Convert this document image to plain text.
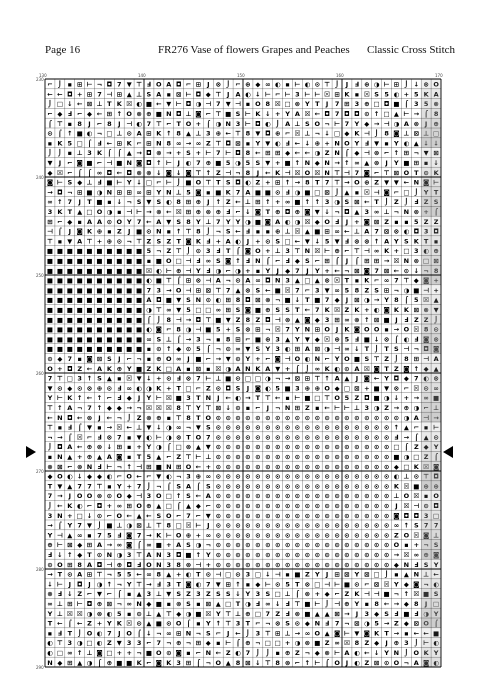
Page 16	FR276 Vase of flowers Grapes and Peaches Classic Cross Stitch
⌐ ⌡ ▪ ⊞ ⊢ ¬ ◘ 7 ▼ ⊤ Ⅎ O A ◘ ⌐ ⊞ J ⊗ ⌡ ⌐ ⊕ ◆ ∞ ◐ ▪ ⊢ ◐ ⊙ ⊤ ⌡ J Ⅎ ⊕ ◑ ⊢ ⊞ ⌡ ↓ ⊗ O
← ← ◘ + ⊞ 7 ⊣ ⊞ ▲ ⊥ S A ▪ ⊠ ⊢ ◘ ◆ ⊤ J A ◐ ↓ ⊢ ⌐ ⊢ 3 ⊢ ⊢ ☒ ⊞ K ▪ ☒ S 5 ◐ + 5 K A
⌡ □ ↓ ← ⊠ ⊥ T K ☒ ◐ ■ ← ▼ ⊢ ◘ ◑ ⊣ 7 ▼ ⊣ ▪ O 8 ☒ □ ⊗ Y T J 7 ⊞ 3 ⊕ □ ◘ ■ ⌠ 3 5 ⊗
⌐ ◆ Ⅎ ⌐ ◆ ← ⊞ ↑ O ⊗ ⊕ ■ N ◘ ⊥ ◙ ⌐ ⊤ ■ S ⊢ K ↓ + Y A ☒ ← ◘ 7 ◘ ◘ ⊙ ↑ □ ▲ ⊢ → ⌠ 8
⌠ ⊤ ▪ 8 J ⌐ 8 J ⊣ ◐ 7 ⊤ ⌐ T O + ⌠ ◑ N 3 ⊢ ◘ ◐ ⌡ A ⊥ S O ¬ ⊢ 7 Y ◆ → ⊣ ◑ A ⊗ J ⊕
⊙ ⌠ ↑ ■ ◐ ¬ □ ⊥ ⊙ A ⊞ K ↑ 8 ▲ ⊥ 3 ⊕ ← ⊤ 8 ▼ ◘ ⊕ ⌐ ☒ ⊥ ¬ ↓ □ ◆ K ⊣ ⌡ 8 ◙ ⊥ ⊠ ⊥ □
▪ K 5 □ ⌠ Ⅎ ← ⊞ K ⌐ ⊞ N 8 ∞ → ∞ Z ⊤ ◘ ⊠ ▪ Y ▼ ◐ Ⅎ ← ↓ ⊕ + N O Y Ⅎ ▼ ▪ Y ◐ ▲ ↓ ↓
⌡ ⌡ ▪ ⊥ 3 K ⌠ ⌠ ▲ → ◘ ⊗ → + S + ⊢ 7 ⊢ ◘ 8 ← ⊞ ⊞ ◆ ← ← ◑ Z N ⌠ ◆ ⊣ ⊗ ⌐ ↑ ⊞ ¬ ▼ ⊠
▼ J ⌐ ◙ ■ ⌐ ⊣ ■ N ◙ ◘ ↑ ⊢ J ◐ 7 ⊕ ■ 5 ◑ 5 S ▼ + ■ ↑ N ◆ N → ↑ ∞ ▲ ⊗ J Y ■ ⊞ ▪ ↓
◆ ☒ ⌐ ⌠ ⌠ ∞ ◘ ← ◘ ⊗ ⊗ ↓ ◙ ↓ ◙ ⊤ ↑ Z ⊣ ¬ 8 J ← K ⊣ ☒ O ☒ N ⊤ ⊣ 7 ◙ ⌐ ⊤ ⊠ O T ⊙ K
◙ ⊢ S ◆ ⊥ Ⅎ ■ ⊢ Y ↓ □ ⌐ ⊢ ⌡ ■ O ⊤ T S ◘ ◐ Z + ⊞ ↑ → 8 T 7 ⊤ → O ⊕ Z ▼ ▼ ← N ◙ ⊢
→ ◘ ¬ ⊞ ■ ◑ N ⊞ ⊞ ∞ ⊞ Y N ⊥ 5 ◙ ▪ ■ K 7 A ■ ■ ⊙ Ⅎ ◑ ■ □ ⊠ ⌡ ▲ ▪ ☒ ⊣ ◙ ⌐ □ ⌡ Y T
∞ ↑ 7 J T ■ ▪ ↓ ¬ S ▼ S ◐ 8 ⊞ ⊕ J ↑ Z ← ⊥ ⊞ ↑ + ∞ ■ ↑ ↑ 3 ◑ S ⊠ ← T ⌡ Z ⌡ Ⅎ Z S
3 K T ▲ □ O ◑ ▪ ⊣ ⊢ → ⊗ ← ☒ ⊞ ⊕ ⊗ ⊕ Ⅎ ⌐ ↓ ◙ T ⊕ ◘ ⊕ ◙ ▼ ↓ ¬ ◘ ▲ 3 ∞ ⊥ ¬ N ⊗ + ⌠
⊞ ⌐ ◆ ▪ A A ⊙ O Y 7 ← A ▼ S 8 Y ⊥ 7 Y Y ◑ ■ ◙ A ◐ ◑ ☒ ◆ O Ⅎ J + ◙ ⊠ Z ▪ ▪ 5 Z Z
⊣ ⌠ J ◙ K ⊕ ▪ Z J ■ ⊙ N ▪ ↑ ⊤ 8 ⌡ ¬ S ← Ⅎ ▪ ▪ ⊕ ⊥ ☒ ▲ ■ ⊞ ∞ ← ⊥ A 7 ⊠ ⊗ ◐ ◘ 3 ◘
⊤ ▪ ▼ A ⊤ + ⊕ ⊙ ¬ ⊤ Z S Z T ◙ K Ⅎ + A ◐ J + ⊙ S □ ← ▼ ↓ 5 ▼ Ⅎ ⊗ ⊗ ↑ A Y S K T ▪
■ ■ ■ ■ ■ ■ ■ ■ ■ ■ 5 ¬ Z ⊤ ⌡ ⊙ 3 Ⅎ T ⌠ ◙ O + ⊥ 3 ⊤ N ☒ ⊢ ⊕ ⌐ ⊤ ⊣ ∞ K + □ 3 ◐ ⊕
■ ■ ■ ■ ■ ■ ■ ■ ■ ■ ▪ ■ O □ ⊣ Ⅎ ∞ S ◙ ↑ Ⅎ N ⌠ ⌐ Ⅎ ◆ S ⌐ ⊞ ⌠ J ⌠ ⊞ ⊞ → ☒ N ⊗ □ ⊠
■ ■ ■ ■ ■ ■ ■ ■ ■ ■ ☒ ◐ ⊢ ⊕ ⊣ Y Ⅎ ◑ ⌐ ◑ + ▪ Y J ◆ 7 J Y + ← ¬ ⊠ ◙ 7 ⊠ ← ⊙ ↓ ¬ 8
■ ■ ■ ■ ■ ■ ■ ■ ■ ■ ◐ ■ ⊤ ⌠ ⊞ ⊗ ⊣ A ¬ ⊙ A ∞ ◘ N 3 ▲ □ ▲ ⊗ ☒ T ▪ K ⌐ ∞ 7 ⊤ ◆ ◙ +
■ ■ ■ ■ ■ ■ ■ ■ ■ ■ 7 3 → O ⊣ ⊞ ⊠ ⊤ 7 ▲ ⊗ S ← ■ ☒ 7 ⌐ 3 ▼ ∞ 5 8 Z S ⊞ ¬ ◑ ■ ⊣ +
■ ■ ■ ■ ■ ■ ■ ■ ■ ■ A ◘ ■ ▼ S N ⊙ ◐ ⊞ 8 ◘ ⊠ ⊗ ¬ ■ ↓ T ■ 7 ◆ J ⊠ ◑ → Y 8 ⌠ 5 ☒ ▲
■ ■ ■ ■ ■ ■ ■ ■ ■ ■ ◑ ⊤ ∞ ▼ 5 □ □ ∞ ⊞ S ◙ ■ ⊕ S S T ← 7 K ☒ Z K + ◐ ◙ K K ⊠ ⊗ ▼
■ ■ ■ ■ ■ ■ ■ ■ ■ ■ ⌠ ⌡ 8 ⊣ → ◘ ⊤ ■ ▼ Z 8 Z ◘ ⊣ ⊗ ▲ ◙ ◆ 3 ⊞ ∞ ⊗ ↑ ⊠ ■ J Ⅎ Z Z ⌡
■ ■ ■ ■ ■ ■ ■ ■ ■ ■ ◐ ◙ ⌐ 8 ◑ ⊣ ■ 5 + S ⊗ ⊞ ¬ ☒ 7 Y N ⊞ O J K ◙ O O ▪ → O ☒ 8 ⊙
■ ■ ■ ■ ■ ■ ■ ■ ■ ■ ∞ S ⊥ ⌠ → 3 ¬ ▪ 8 ⊞ ⌐ ■ ⊕ 3 ▲ Y ▼ ◆ ☒ ⊕ 5 Ⅎ ■ ↓ ⊗ ⌠ ◐ Ⅎ ◙ ⊗
■ ■ ■ ■ ■ ■ ■ ■ ■ ■ ▪ ⊙ ↑ ◆ ⊙ 5 ⌠ ¬ ⊙ ∞ ▼ S Y 3 ◐ ⊞ A ⊠ ◑ ⊣ ∞ ↓ T ⌡ T S ⊣ ¬ ◘ ◙
⊙ ◆ 7 ▪ ◙ ⊠ S J ⌐ ¬ ▪ ⊕ O ∞ J ■ ⌐ → ▼ ⊙ Y + ⌐ ◙ ⊣ O ◐ N ⌐ Y O ■ S ⊤ Z ⌡ 8 ⊞ ⊣ A
O + ◘ Z ← A K ⊕ Y ■ Z K □ A ▪ ⊠ ▪ ☒ ◑ A N K A ▼ + ⌠ ⌡ ∞ K ◐ ⊙ A ☒ ◙ T Z ◙ ↑ ◆ ▲
7 ⊤ □ 3 ↑ S ▲ ▪ ☒ ▼ ↓ + ⊙ Ⅎ ⊗ 7 ⊢ ⊥ ■ ⊙ □ □ ◑ ¬ → ⊠ ⊞ ⊤ ↑ A ▲ J ◙ ← Y ◘ ◆ 7 ◐ ⊗
▼ ⊙ ◆ ⊙ ⊗ ⊕ ⊙ Ⅎ ∞ ◐ ◑ K + T □ ⌐ Z ⊙ ◘ S J ◙ ◐ 5 ■ 3 ⊕ ⊕ O ◆ □ ⊠ + ■ ▼ ⊗ ⌐ ☒ ⊙ ∞
Y ⊢ K ↑ ← ↑ ⌐ Ⅎ ◆ J Y ⊢ ☒ ■ 3 T N J ← ◐ → T ⊤ ← ▪ ⊢ ■ □ ⊤ O 5 Z ◘ ■ ◑ ↓ + → ∞ ■
⊤ ↑ A ¬ 7 ↑ ◆ ◆ → ¬ ☒ ☒ ☒ 8 ⊤ Y ⊤ ⊠ ↓ ⊙ ▪ ⌐ J ¬ N ⊞ Z ▪ ← ⊢ ⊢ ⊥ 3 ◑ Z → ⊕ ◑ ⌐ ⊥
← N ◘ ← ⊗ J ← ¬ ⌡ Z ⊗ ⊕ ▪ ⊤ 8 T O ⊙ ⊙ ⊙ ⊙ ⊙ ⊙ ⊙ ⊙ ⊙ ⊙ ⊙ ⊙ ⊙ ⊙ ⊙ ⊙ ⊙ ⊙ ⊙ ◑ A ⊣ →
⊤ ▪ Ⅎ ⌠ ▼ ▪ → ☒ ← ⊥ ▼ ↓ ◑ ∞ ¬ ▼ S ⊙ ⊙ ⊙ ⊙ ⊙ ⊙ ⊙ ⊙ ⊙ ⊙ ⊙ ⊙ ⊙ ⊙ ⊙ ⊙ ⊙ ⊙ ↑ ▲ ⌐ ▪ ⊢
¬ → ⌠ ☒ ⌐ Ⅎ ⊗ 7 ▪ ▼ ◐ ⊢ ◑ ⊗ T O 7 ⊙ ⊙ ⊙ ⊙ ⊙ ⊙ ⊙ ⊙ ⊙ ⊙ ⊙ ⊙ ⊙ ⊙ ⊙ ⊙ ⊙ ⊙ Ⅎ → ⌠ ▲ ⊙
⌡ ◘ A ← ⊕ ⊗ ↓ ⊞ ▪ + Y ◑ ⌠ □ ⊗ ▲ ▼ ⊙ ⊙ ⊙ ⊙ ⊙ ⊙ ⊙ ⊙ ⊙ ⊙ ⊙ ⊙ ⊙ ⊙ ⊙ ⊙ ⊙ ⊙ □ ⌠ Z ◆ Y
▪ N ▲ + ⊕ ▲ A ◙ ▪ T 5 ▲ ⌐ Z ⊤ ⊢ ⊥ ⊙ ⊙ ⊙ ⊙ ⊙ ⊙ ⊙ ⊙ ⊙ ⊙ ⊙ ⊙ ⊙ ⊙ ⊙ ⊙ ⊙ ⊙ ■ ◑ □ Z ⌠
⊗ ⊠ ⌐ ⊗ N Ⅎ ⊢ ¬ ↑ ⊣ ⊞ ■ N ⊞ O ← + ⊙ ⊙ ⊙ ⊙ ⊙ ⊙ ⊙ ⊙ ⊙ ⊙ ⊙ ⊙ ⊙ ⊙ ⊙ ⊙ ⊙ ⊙ ◆ □ K ☒ ◙
◆ O ◐ ↓ ◆ ◆ ◐ ⌐ O ← ⌐ ▼ ◐ ¬ 3 ⊕ ∞ ⊙ ⊙ ⊙ ⊙ ⊙ ⊙ ⊙ ⊙ ⊙ ⊙ ⊙ ⊙ ⊙ ⊙ ⊙ ⊙ ⊙ ⊙ ◐ ⊥ ⊙ ⊤ ◘
T ▼ ▲ 7 7 ⊤ ▪ Y + 7 ⌡ ¬ ⌠ S A ⌠ S ⊙ ⊙ ⊙ ⊙ ⊙ ⊙ ⊙ ⊙ ⊙ ⊙ ⊙ ⊙ ⊙ ⊙ ⊙ ⊙ ⊙ ⊙ K ☒ ■ ⊕ ⊕
7 → J O O ⊗ ⊙ O ◆ ⊣ 3 O □ ↑ S ← A ⊙ ⊙ ⊙ ⊙ ⊙ ⊙ ⊙ ⊙ ⊙ ⊙ ⊙ ⊙ ⊙ ⊙ ⊙ ⊙ ⊙ ⊙ ⊥ O ☒ ▪ O
⌡ ← K ◐ ⌐ ◘ + ∞ ⊞ O ⊕ ▲ □ ⌠ ▲ ◆ ⌐ ⊙ ⊙ ⊙ ⊙ ⊙ ⊙ ⊙ ⊙ ⊙ ⊙ ⊙ ⊙ ⊙ ⊙ ⊙ ⊙ ⊙ ⊙ J ☒ ⊣ ⊙ ◘
3 N + □ ↓ ⊙ ⌐ O ← ▲ ← S O ⌐ 7 ⌐ ▼ ⊙ ⊙ ⊙ ⊙ ⊙ ⊙ ⊙ ⊙ ⊙ ⊙ ⊙ ⊙ ⊙ ⊙ ⊙ ⊙ ⊙ ⊙ ◙ ◘ ◘ 3 □
→ ⌠ Y 7 ▼ ⌡ ■ ⊥ ◑ ⊠ ⊥ ⊤ 8 □ ☒ ⊢ J ⊙ ⊙ ⊙ ⊙ ⊙ ⊙ ⊙ ⊙ ⊙ ⊙ ⊙ ⊙ ⊙ ⊙ ⊙ ⊙ ⊙ ⊙ ∞ ↑ S 7 7
Y ⊣ ▲ ∞ ▪ 7 5 Ⅎ ◙ 7 → K ⊢ O ⊕ + ∞ ⊙ ⊙ ⊙ ⊙ ⊙ ⊙ ⊙ ⊙ ⊙ ⊙ ⊙ ⊙ ⊙ ⊙ ⊙ ⊙ ⊙ ⊙ Z O ☒ ◙ ⊥
⊕ ⊢ ⊠ ◆ ⊞ A → ∞ ◙ ⌠ ∞ ■ + A S ◑ ¬ ⊙ ⊙ ⊙ ⊙ ⊙ ⊙ ⊙ ⊙ ⊙ ⊙ ⊙ ⊙ ⊙ ⊙ ⊙ ⊙ ⊙ ⊙ O ▪ + ¬ S
Ⅎ ↓ ↑ ◆ T ⊙ N ◑ 3 ⊤ A N 3 ◘ ■ ↑ Y ⊙ ⊙ ⊙ ⊙ ⊙ ⊙ ⊙ ⊙ ⊙ ⊙ ⊙ ⊙ ⊙ ⊙ ⊙ ⊙ ⊙ ⊙ → ☒ ∞ ⊕ ◙
⊙ O ⊞ 8 A ◘ ⊣ ⊕ ◘ Ⅎ O N 3 8 ⊗ ⊣ + ⊙ ⊙ ⊙ ⊙ ⊙ ⊙ ⊙ ⊙ ⊙ ⊙ ⊙ ⊙ ⊙ ⊙ ⊙ ⊙ ⊙ ⊙ ◆ N Ⅎ S Y
→ T ⊙ A ⊞ ⊤ ¬ 5 5 ← ∞ 8 ▲ + ◐ T ⊙ ⊣ □ ⊙ 3 □ ↓ ⊣ ▪ ■ Z Y J ⊞ ⊠ Y ⊠ □ ⌡ ▪ ▲ N ⊥ ←
↓ ⊢ J ◘ J ◑ ↑ ¬ Y ⊤ → Ⅎ 3 T ◙ ◐ 7 ▼ ⊞ ↑ ▪ ◆ ⊢ ⊙ 5 T ⊗ □ ⊣ ⊢ ■ ⊙ ⌐ ⊠ ☒ Y ◆ ◙ ¬ ◐
⊗ Ⅎ ↓ Z ⌐ ▼ ⌐ ⌠ ▪ ▲ 3 ⊥ ▼ S Z 3 Z S S ↓ Y 3 S □ ⊥ ⌠ ⊗ + ◆ ⌐ Z K ⊣ ⊣ ■ ¬ ↑ ☒ ■ S
∞ ⊥ ⊞ ⊢ ◘ ⊕ ⊠ ¬ ∞ N ◆ ■ ▪ ⊗ S ▪ ⊠ ▲ □ T ◑ Ⅎ ∞ ↓ Ⅎ ⊤ ■ ⊢ ⌡ ⊣ ⊕ Y ▪ 8 ← → ◆ 8 J □
Y ⊥ ☒ ☒ ◑ ⊗ ◐ 5 ▪ ⊙ ⊥ ▲ ⊤ ◆ ◑ ■ ☒ Y ⊤ ⊥ ⊕ □ 7 Z Ⅎ ⊗ ■ ▲ ▲ ⊠ → J 3 ◆ S Ⅎ ■ Ⅎ ◑ Y
T ← ⌠ ← Z + Y K ☒ ⊙ ▲ ■ ⊙ O ⌠ ▪ Y ↑ ⊤ 3 T ⌐ ¬ ⊗ S ⊙ ◆ N Ⅎ 7 ¬ ⊠ ◑ 5 → Z ◆ ⊠ O ⌠
▪ Ⅎ T ⌡ O ◐ 7 J O ⌠ ↓ ¬ ∞ ⊞ N ¬ S ⌐ J ← ⌡ 3 ⊤ ⊞ ⊥ → ∞ O ▲ ◙ ⊢ ▼ ◙ K T → ▪ ← ← ■
◐ ⊤ 3 ◑ □ ◐ Z ▼ 3 3 ⌐ 7 ¬ ⊕ ¬ ⊞ ◆ ▪ ⊢ ⌠ ⊕ ¬ □ □ + ◑ ⊗ ■ Z ∞ ☒ 8 Z ◆ J ⊕ 3 ⌡ ⊢ ◐
◐ □ ∞ ↑ ⊥ ◙ □ + + ¬ ■ O ⊙ ◙ ▪ ⌐ N ← Z ◐ 7 ⌡ ⌡ ▪ ⊕ Z ¬ ◆ ⊗ ⊢ A ◐ ← ↓ Y N ⌡ O K Y
N ◆ ⊞ ▲ ◑ ⌠ ⊕ ■ ■ K ⌐ ◙ K 3 ⊞ ⌠ ¬ O ▲ 8 ⊠ ↓ ⊤ 8 ⊗ ⌐ ↑ ⊢ ⌠ O J ◐ Z ⊠ ⊙ O ¬ A ◙ ◐
130	140	150	160	170
230
240
250
260
270
280
290
